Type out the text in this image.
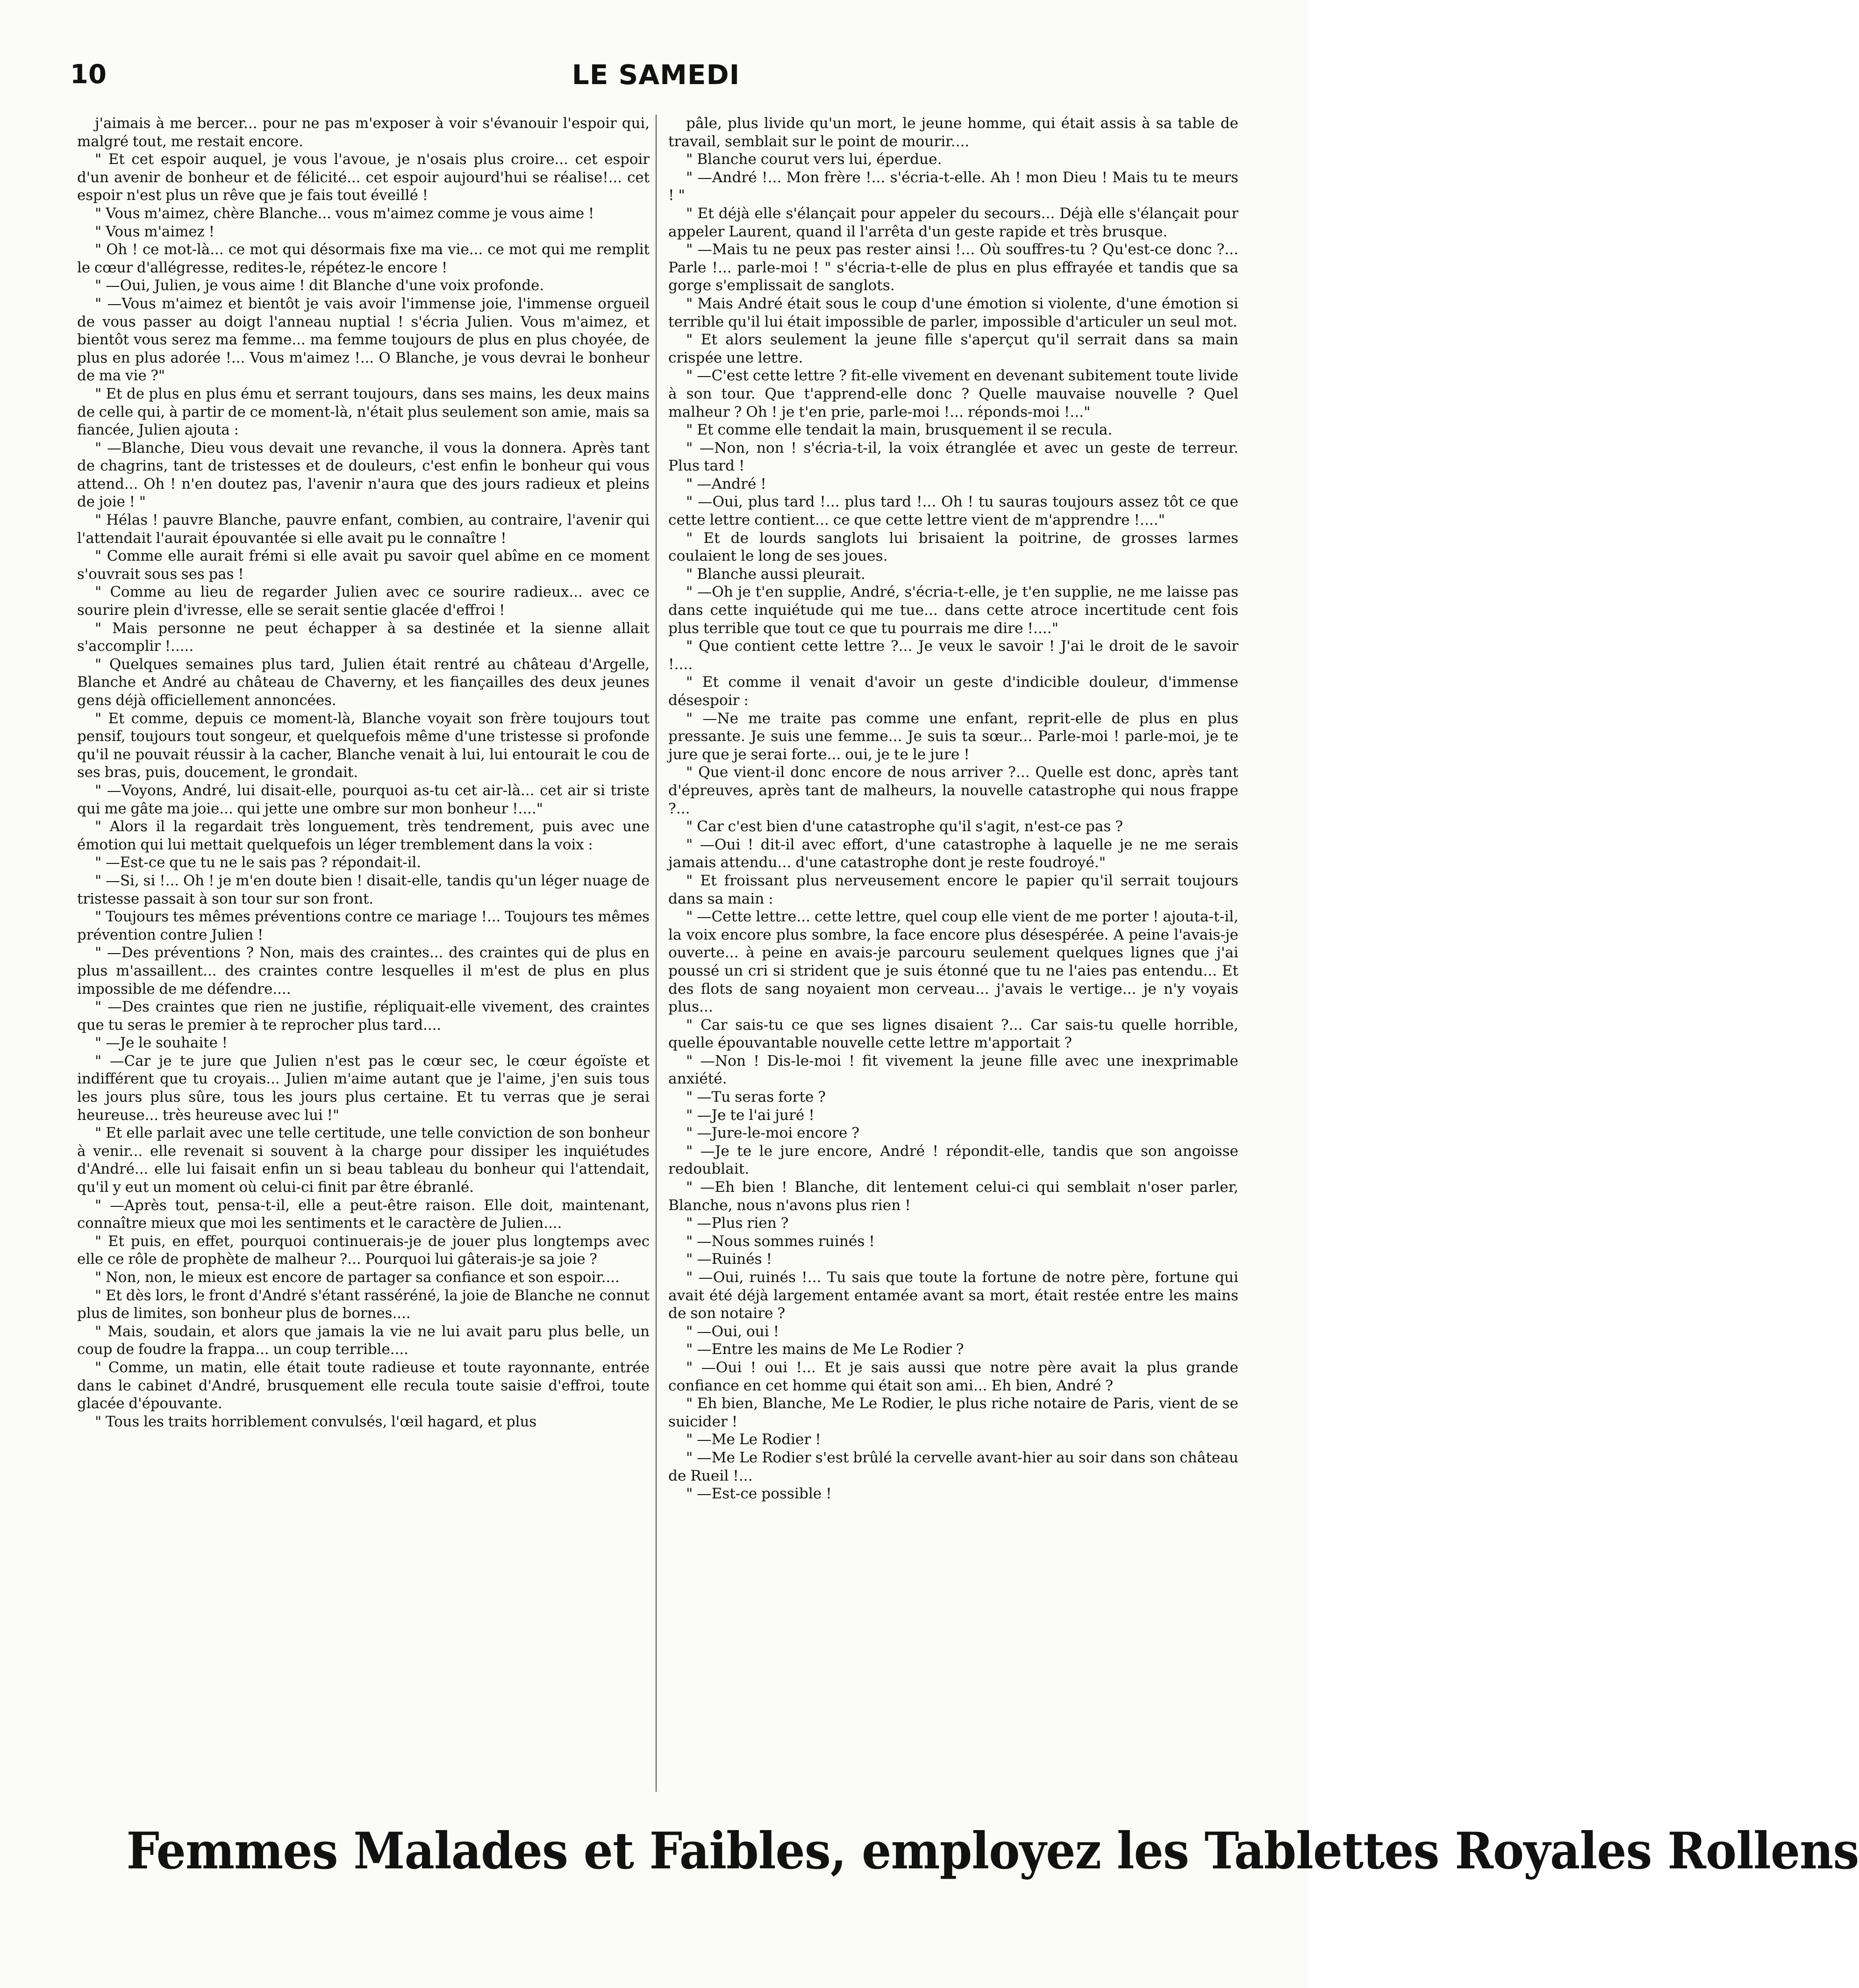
10	LE SAMEDI

j'aimais à me bercer... pour ne pas m'exposer à voir s'évanouir l'espoir qui, malgré tout, me restait encore.

" Et cet espoir auquel, je vous l'avoue, je n'osais plus croire... cet espoir d'un avenir de bonheur et de félicité... cet espoir aujourd'hui se réalise!... cet espoir n'est plus un rêve que je fais tout éveillé !

" Vous m'aimez, chère Blanche... vous m'aimez comme je vous aime !

" Vous m'aimez !

" Oh ! ce mot-là... ce mot qui désormais fixe ma vie... ce mot qui me remplit le cœur d'allégresse, redites-le, répétez-le encore !

" —Oui, Julien, je vous aime ! dit Blanche d'une voix profonde.

" —Vous m'aimez et bientôt je vais avoir l'immense joie, l'immense orgueil de vous passer au doigt l'anneau nuptial ! s'écria Julien. Vous m'aimez, et bientôt vous serez ma femme... ma femme toujours de plus en plus choyée, de plus en plus adorée !... Vous m'aimez !... O Blanche, je vous devrai le bonheur de ma vie ?"

" Et de plus en plus ému et serrant toujours, dans ses mains, les deux mains de celle qui, à partir de ce moment-là, n'était plus seulement son amie, mais sa fiancée, Julien ajouta :

" —Blanche, Dieu vous devait une revanche, il vous la donnera. Après tant de chagrins, tant de tristesses et de douleurs, c'est enfin le bonheur qui vous attend... Oh ! n'en doutez pas, l'avenir n'aura que des jours radieux et pleins de joie ! "

" Hélas ! pauvre Blanche, pauvre enfant, combien, au contraire, l'avenir qui l'attendait l'aurait épouvantée si elle avait pu le connaître !

" Comme elle aurait frémi si elle avait pu savoir quel abîme en ce moment s'ouvrait sous ses pas !

" Comme au lieu de regarder Julien avec ce sourire radieux... avec ce sourire plein d'ivresse, elle se serait sentie glacée d'effroi !

" Mais personne ne peut échapper à sa destinée et la sienne allait s'accomplir !.....

" Quelques semaines plus tard, Julien était rentré au château d'Argelle, Blanche et André au château de Chaverny, et les fiançailles des deux jeunes gens déjà officiellement annoncées.

" Et comme, depuis ce moment-là, Blanche voyait son frère toujours tout pensif, toujours tout songeur, et quelquefois même d'une tristesse si profonde qu'il ne pouvait réussir à la cacher, Blanche venait à lui, lui entourait le cou de ses bras, puis, doucement, le grondait.

" —Voyons, André, lui disait-elle, pourquoi as-tu cet air-là... cet air si triste qui me gâte ma joie... qui jette une ombre sur mon bonheur !...."

" Alors il la regardait très longuement, très tendrement, puis avec une émotion qui lui mettait quelquefois un léger tremblement dans la voix :

" —Est-ce que tu ne le sais pas ? répondait-il.

" —Si, si !... Oh ! je m'en doute bien ! disait-elle, tandis qu'un léger nuage de tristesse passait à son tour sur son front.

" Toujours tes mêmes préventions contre ce mariage !... Toujours tes mêmes prévention contre Julien !

" —Des préventions ? Non, mais des craintes... des craintes qui de plus en plus m'assaillent... des craintes contre lesquelles il m'est de plus en plus impossible de me défendre....

" —Des craintes que rien ne justifie, répliquait-elle vivement, des craintes que tu seras le premier à te reprocher plus tard....

" —Je le souhaite !

" —Car je te jure que Julien n'est pas le cœur sec, le cœur égoïste et indifférent que tu croyais... Julien m'aime autant que je l'aime, j'en suis tous les jours plus sûre, tous les jours plus certaine. Et tu verras que je serai heureuse... très heureuse avec lui !"

" Et elle parlait avec une telle certitude, une telle conviction de son bonheur à venir... elle revenait si souvent à la charge pour dissiper les inquiétudes d'André... elle lui faisait enfin un si beau tableau du bonheur qui l'attendait, qu'il y eut un moment où celui-ci finit par être ébranlé.

" —Après tout, pensa-t-il, elle a peut-être raison. Elle doit, maintenant, connaître mieux que moi les sentiments et le caractère de Julien....

" Et puis, en effet, pourquoi continuerais-je de jouer plus longtemps avec elle ce rôle de prophète de malheur ?... Pourquoi lui gâterais-je sa joie ?

" Non, non, le mieux est encore de partager sa confiance et son espoir....

" Et dès lors, le front d'André s'étant rasséréné, la joie de Blanche ne connut plus de limites, son bonheur plus de bornes....

" Mais, soudain, et alors que jamais la vie ne lui avait paru plus belle, un coup de foudre la frappa... un coup terrible....

" Comme, un matin, elle était toute radieuse et toute rayonnante, entrée dans le cabinet d'André, brusquement elle recula toute saisie d'effroi, toute glacée d'épouvante.

" Tous les traits horriblement convulsés, l'œil hagard, et plus

pâle, plus livide qu'un mort, le jeune homme, qui était assis à sa table de travail, semblait sur le point de mourir....

" Blanche courut vers lui, éperdue.

" —André !... Mon frère !... s'écria-t-elle. Ah ! mon Dieu ! Mais tu te meurs ! "

" Et déjà elle s'élançait pour appeler du secours... Déjà elle s'élançait pour appeler Laurent, quand il l'arrêta d'un geste rapide et très brusque.

" —Mais tu ne peux pas rester ainsi !... Où souffres-tu ? Qu'est-ce donc ?... Parle !... parle-moi ! " s'écria-t-elle de plus en plus effrayée et tandis que sa gorge s'emplissait de sanglots.

" Mais André était sous le coup d'une émotion si violente, d'une émotion si terrible qu'il lui était impossible de parler, impossible d'articuler un seul mot.

" Et alors seulement la jeune fille s'aperçut qu'il serrait dans sa main crispée une lettre.

" —C'est cette lettre ? fit-elle vivement en devenant subitement toute livide à son tour. Que t'apprend-elle donc ? Quelle mauvaise nouvelle ? Quel malheur ? Oh ! je t'en prie, parle-moi !... réponds-moi !..."

" Et comme elle tendait la main, brusquement il se recula.

" —Non, non ! s'écria-t-il, la voix étranglée et avec un geste de terreur. Plus tard !

" —André !

" —Oui, plus tard !... plus tard !... Oh ! tu sauras toujours assez tôt ce que cette lettre contient... ce que cette lettre vient de m'apprendre !...."

" Et de lourds sanglots lui brisaient la poitrine, de grosses larmes coulaient le long de ses joues.

" Blanche aussi pleurait.

" —Oh je t'en supplie, André, s'écria-t-elle, je t'en supplie, ne me laisse pas dans cette inquiétude qui me tue... dans cette atroce incertitude cent fois plus terrible que tout ce que tu pourrais me dire !...."

" Que contient cette lettre ?... Je veux le savoir ! J'ai le droit de le savoir !....

" Et comme il venait d'avoir un geste d'indicible douleur, d'immense désespoir :

" —Ne me traite pas comme une enfant, reprit-elle de plus en plus pressante. Je suis une femme... Je suis ta sœur... Parle-moi ! parle-moi, je te jure que je serai forte... oui, je te le jure !

" Que vient-il donc encore de nous arriver ?... Quelle est donc, après tant d'épreuves, après tant de malheurs, la nouvelle catastrophe qui nous frappe ?...

" Car c'est bien d'une catastrophe qu'il s'agit, n'est-ce pas ?

" —Oui ! dit-il avec effort, d'une catastrophe à laquelle je ne me serais jamais attendu... d'une catastrophe dont je reste foudroyé."

" Et froissant plus nerveusement encore le papier qu'il serrait toujours dans sa main :

" —Cette lettre... cette lettre, quel coup elle vient de me porter ! ajouta-t-il, la voix encore plus sombre, la face encore plus désespérée. A peine l'avais-je ouverte... à peine en avais-je parcouru seulement quelques lignes que j'ai poussé un cri si strident que je suis étonné que tu ne l'aies pas entendu... Et des flots de sang noyaient mon cerveau... j'avais le vertige... je n'y voyais plus...

" Car sais-tu ce que ses lignes disaient ?... Car sais-tu quelle horrible, quelle épouvantable nouvelle cette lettre m'apportait ?

" —Non ! Dis-le-moi ! fit vivement la jeune fille avec une inexprimable anxiété.

" —Tu seras forte ?

" —Je te l'ai juré !

" —Jure-le-moi encore ?

" —Je te le jure encore, André ! répondit-elle, tandis que son angoisse redoublait.

" —Eh bien ! Blanche, dit lentement celui-ci qui semblait n'oser parler, Blanche, nous n'avons plus rien !

" —Plus rien ?

" —Nous sommes ruinés !

" —Ruinés !

" —Oui, ruinés !... Tu sais que toute la fortune de notre père, fortune qui avait été déjà largement entamée avant sa mort, était restée entre les mains de son notaire ?

" —Oui, oui !

" —Entre les mains de Me Le Rodier ?

" —Oui ! oui !... Et je sais aussi que notre père avait la plus grande confiance en cet homme qui était son ami... Eh bien, André ?

" Eh bien, Blanche, Me Le Rodier, le plus riche notaire de Paris, vient de se suicider !

" —Me Le Rodier !

" —Me Le Rodier s'est brûlé la cervelle avant-hier au soir dans son château de Rueil !...

" —Est-ce possible !

Femmes Malades et Faibles, employez les Tablettes Royales Rollens
